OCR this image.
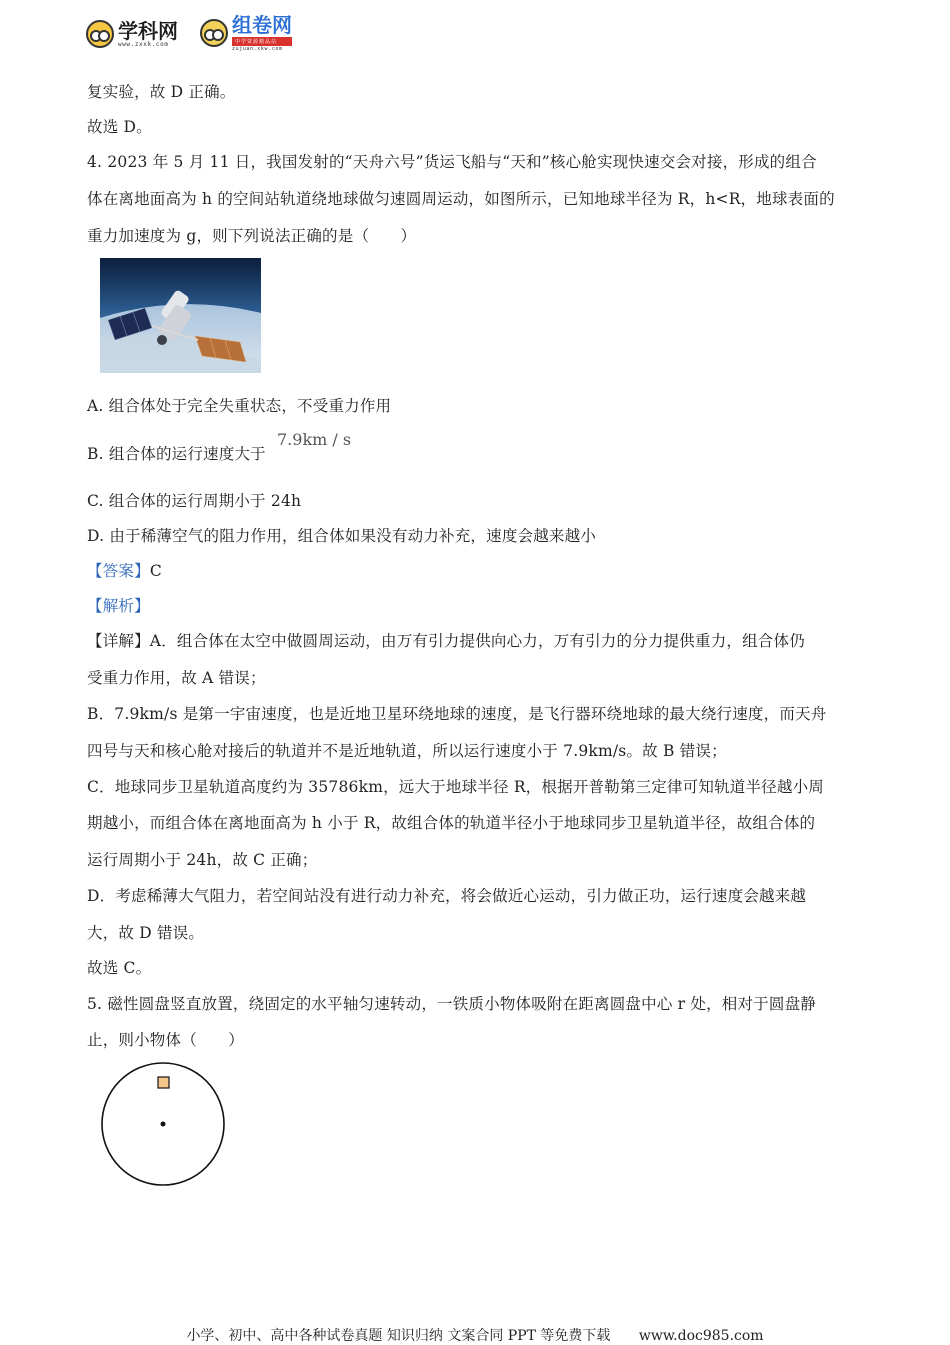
学科网
www.zxxk.com
组卷网
中学资源精品站
zujuan.xkw.com
复实验，故 D 正确。
故选 D。
4. 2023 年 5 月 11 日，我国发射的“天舟六号”货运飞船与“天和”核心舱实现快速交会对接，形成的组合
体在离地面高为 h 的空间站轨道绕地球做匀速圆周运动，如图所示，已知地球半径为 R，h<R，地球表面的
重力加速度为 g，则下列说法正确的是（　　）
A. 组合体处于完全失重状态，不受重力作用
B. 组合体的运行速度大于
7.9km / s
C. 组合体的运行周期小于 24h
D. 由于稀薄空气的阻力作用，组合体如果没有动力补充，速度会越来越小
【答案】C
【解析】
【详解】A．组合体在太空中做圆周运动，由万有引力提供向心力，万有引力的分力提供重力，组合体仍
受重力作用，故 A 错误；
B．7.9km/s 是第一宇宙速度，也是近地卫星环绕地球的速度，是飞行器环绕地球的最大绕行速度，而天舟
四号与天和核心舱对接后的轨道并不是近地轨道，所以运行速度小于 7.9km/s。故 B 错误；
C．地球同步卫星轨道高度约为 35786km，远大于地球半径 R，根据开普勒第三定律可知轨道半径越小周
期越小，而组合体在离地面高为 h 小于 R，故组合体的轨道半径小于地球同步卫星轨道半径，故组合体的
运行周期小于 24h，故 C 正确；
D．考虑稀薄大气阻力，若空间站没有进行动力补充，将会做近心运动，引力做正功，运行速度会越来越
大，故 D 错误。
故选 C。
5. 磁性圆盘竖直放置，绕固定的水平轴匀速转动，一铁质小物体吸附在距离圆盘中心 r 处，相对于圆盘静
止，则小物体（　　）
小学、初中、高中各种试卷真题 知识归纳 文案合同 PPT 等免费下载 www.doc985.com
